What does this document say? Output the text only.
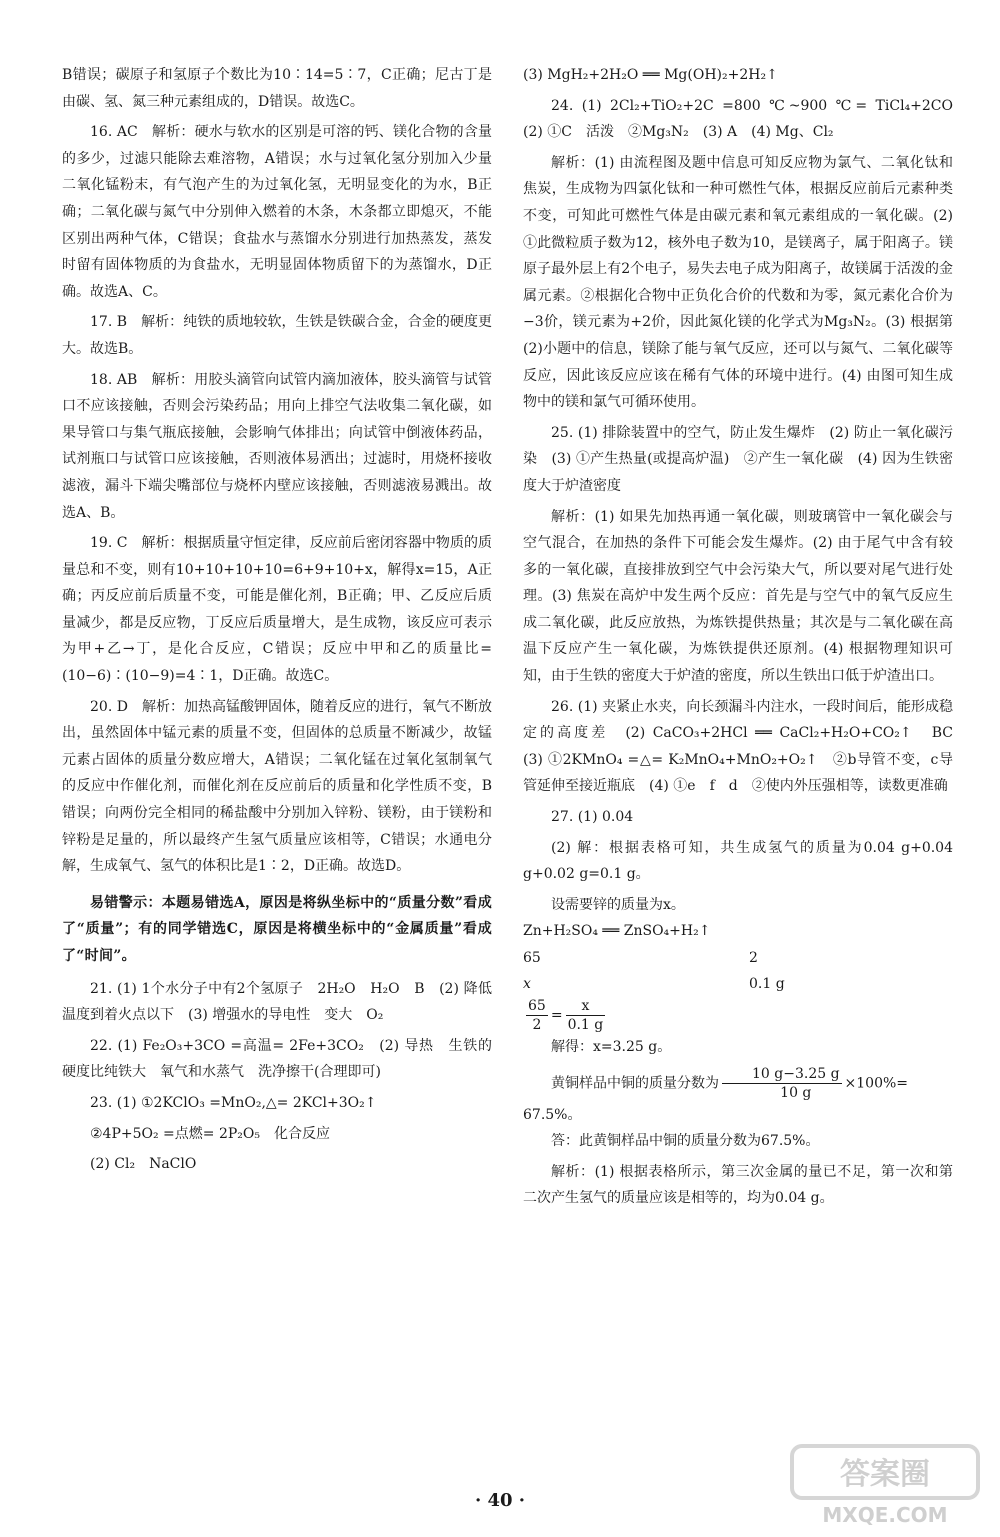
B错误；碳原子和氢原子个数比为10∶14=5∶7，C正确；尼古丁是由碳、氢、氮三种元素组成的，D错误。故选C。

16. AC　解析：硬水与软水的区别是可溶的钙、镁化合物的含量的多少，过滤只能除去难溶物，A错误；水与过氧化氢分别加入少量二氧化锰粉末，有气泡产生的为过氧化氢，无明显变化的为水，B正确；二氧化碳与氮气中分别伸入燃着的木条，木条都立即熄灭，不能区别出两种气体，C错误；食盐水与蒸馏水分别进行加热蒸发，蒸发时留有固体物质的为食盐水，无明显固体物质留下的为蒸馏水，D正确。故选A、C。

17. B　解析：纯铁的质地较软，生铁是铁碳合金，合金的硬度更大。故选B。

18. AB　解析：用胶头滴管向试管内滴加液体，胶头滴管与试管口不应该接触，否则会污染药品；用向上排空气法收集二氧化碳，如果导管口与集气瓶底接触，会影响气体排出；向试管中倒液体药品，试剂瓶口与试管口应该接触，否则液体易洒出；过滤时，用烧杯接收滤液，漏斗下端尖嘴部位与烧杯内壁应该接触，否则滤液易溅出。故选A、B。

19. C　解析：根据质量守恒定律，反应前后密闭容器中物质的质量总和不变，则有10+10+10+10=6+9+10+x，解得x=15，A正确；丙反应前后质量不变，可能是催化剂，B正确；甲、乙反应后质量减少，都是反应物，丁反应后质量增大，是生成物，该反应可表示为甲+乙→丁，是化合反应，C错误；反应中甲和乙的质量比=(10−6)∶(10−9)=4∶1，D正确。故选C。

20. D　解析：加热高锰酸钾固体，随着反应的进行，氧气不断放出，虽然固体中锰元素的质量不变，但固体的总质量不断减少，故锰元素占固体的质量分数应增大，A错误；二氧化锰在过氧化氢制氧气的反应中作催化剂，而催化剂在反应前后的质量和化学性质不变，B错误；向两份完全相同的稀盐酸中分别加入锌粉、镁粉，由于镁粉和锌粉是足量的，所以最终产生氢气质量应该相等，C错误；水通电分解，生成氧气、氢气的体积比是1∶2，D正确。故选D。

易错警示：本题易错选A，原因是将纵坐标中的“质量分数”看成了“质量”；有的同学错选C，原因是将横坐标中的“金属质量”看成了“时间”。

21. (1) 1个水分子中有2个氢原子　2H₂O　H₂O　B　(2) 降低温度到着火点以下　(3) 增强水的导电性　变大　O₂

22. (1) Fe₂O₃+3CO =高温= 2Fe+3CO₂　(2) 导热　生铁的硬度比纯铁大　氧气和水蒸气　洗净擦干(合理即可)

23. (1) ①2KClO₃ =MnO₂,△= 2KCl+3O₂↑

②4P+5O₂ =点燃= 2P₂O₅　化合反应

(2) Cl₂　NaClO

(3) MgH₂+2H₂O ══ Mg(OH)₂+2H₂↑

24. (1) 2Cl₂+TiO₂+2C =800 ℃~900 ℃= TiCl₄+2CO　(2) ①C　活泼　②Mg₃N₂　(3) A　(4) Mg、Cl₂

解析：(1) 由流程图及题中信息可知反应物为氯气、二氧化钛和焦炭，生成物为四氯化钛和一种可燃性气体，根据反应前后元素种类不变，可知此可燃性气体是由碳元素和氧元素组成的一氧化碳。(2) ①此微粒质子数为12，核外电子数为10，是镁离子，属于阳离子。镁原子最外层上有2个电子，易失去电子成为阳离子，故镁属于活泼的金属元素。②根据化合物中正负化合价的代数和为零，氮元素化合价为−3价，镁元素为+2价，因此氮化镁的化学式为Mg₃N₂。(3) 根据第(2)小题中的信息，镁除了能与氧气反应，还可以与氮气、二氧化碳等反应，因此该反应应该在稀有气体的环境中进行。(4) 由图可知生成物中的镁和氯气可循环使用。

25. (1) 排除装置中的空气，防止发生爆炸　(2) 防止一氧化碳污染　(3) ①产生热量(或提高炉温)　②产生一氧化碳　(4) 因为生铁密度大于炉渣密度

解析：(1) 如果先加热再通一氧化碳，则玻璃管中一氧化碳会与空气混合，在加热的条件下可能会发生爆炸。(2) 由于尾气中含有较多的一氧化碳，直接排放到空气中会污染大气，所以要对尾气进行处理。(3) 焦炭在高炉中发生两个反应：首先是与空气中的氧气反应生成二氧化碳，此反应放热，为炼铁提供热量；其次是与二氧化碳在高温下反应产生一氧化碳，为炼铁提供还原剂。(4) 根据物理知识可知，由于生铁的密度大于炉渣的密度，所以生铁出口低于炉渣出口。

26. (1) 夹紧止水夹，向长颈漏斗内注水，一段时间后，能形成稳定的高度差　(2) CaCO₃+2HCl ══ CaCl₂+H₂O+CO₂↑　BC　(3) ①2KMnO₄ =△= K₂MnO₄+MnO₂+O₂↑　②b导管不变，c导管延伸至接近瓶底　(4) ①e　f　d　②使内外压强相等，读数更准确

27. (1) 0.04

(2) 解：根据表格可知，共生成氢气的质量为0.04 g+0.04 g+0.02 g=0.1 g。

设需要锌的质量为x。

Zn+H₂SO₄ ══ ZnSO₄+H₂↑

65	2
x	0.1 g

$\frac{65}{2} = \frac{x}{0.1 g}$

解得：x=3.25 g。

黄铜样品中铜的质量分数为 $\frac{10 g-3.25 g}{10 g} \times 100\%=$

67.5%。

答：此黄铜样品中铜的质量分数为67.5%。

解析：(1) 根据表格所示，第三次金属的量已不足，第一次和第二次产生氢气的质量应该是相等的，均为0.04 g。

· 40 ·
答案圈
MXQE.COM
